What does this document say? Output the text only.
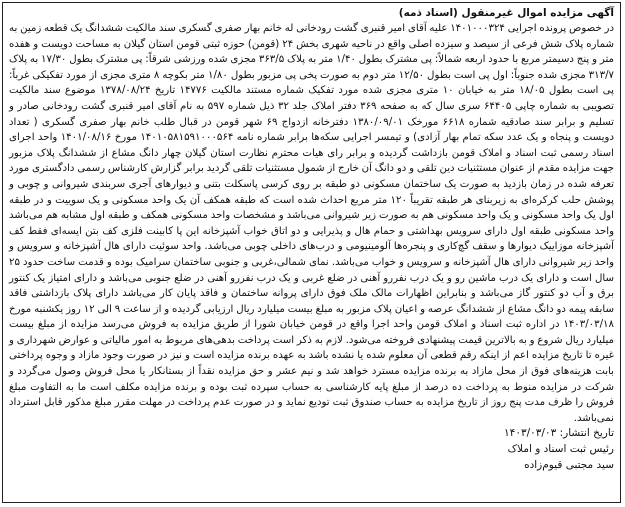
آگهی مزایده اموال غیرمنقول (اسناد ذمه)

در خصوص پرونده اجرایی ۱۴۰۱۰۰۰۳۲۴ علیه آقای امیر قنبری گشت رودخانی له خانم بهار صفری گسکری سند مالکیت ششدانگ یک قطعه زمین به شماره پلاک شش فرعی از سیصد و سیزده اصلی واقع در ناحیه شهری بخش ۲۴ (قومن) حوزه ثبتی قومن استان گیلان به مساحت دویست و هفده متر و پنج دسیمتر مربع با حدود اربعه شمالاً: پی مشترک بطول ۱/۴۰ متر به پلاک ۳۶۳/۵ مجزی شده ورزشی شرقاً: پی مشترک بطول ۱۷/۳۰ به پلاک ۳۱۳/۷ مجزی شده جنوباً: اول پی است بطول ۱۲/۵۰ متر دوم به صورت پخی پی مزبور بطول ۱/۸۰ متر بکوچه ۸ متری مجزی از مورد تفکیکی غرباً: پی است بطول ۱۸/۰۵ متر به خیابان ۱۰ متری مجزی شده مورد تفکیک شماره مستند مالکیت ۱۴۷۷۶ تاریخ ۱۳۷۸/۰۸/۲۴ موضوع سند مالکیت تصویبی به شماره چاپی ۶۴۴۰۵ سری سال که به صفحه ۳۶۹ دفتر املاک جلد ۳۲ ذیل شماره ۵۹۷ به نام آقای امیر قنبری گشت رودخانی صادر و تسلیم و برابر سند صادقیه شماره ۶۶۱۸ مورخک ۱۳۸۰/۰۹/۰۱ دفترخانه ازدواج ۶۹ شهر قومن در قبال طلب خانم بهار صفری گسکری ( تعداد دویست و پنجاه و یک عدد سکه تمام بهار آزادی) و تیمسر اجرایی سکه‌ها برابر شماره نامه ۱۴۰۱۰۵۸۱۵۹۱۰۰۰۵۶۴ مورخ ۱۴۰۱/۰۸/۱۶ واحد اجرای اسناد رسمی ثبت اسناد و املاک قومن بازداشت گردیده و برابر رای هیات محترم نظارت استان گیلان چهار دانگ مشاع از ششدانگ پلاک مزبور جهت مزایده مقدم از عنوان مستثنیات دین تلقی و دو دانگ آن خارج از شمول مستثنیات تلقی گردید برابر گزارش کارشناس رسمی دادگستری مورد تعرفه شده در زمان بازدید به صورت یک ساختمان مسکونی دو طبقه بر روی کرسی پاسکلت بتنی و دیوارهای آجری سربندی شیروانی و چوبی و پوشش حلب کرکره‌ای به زیربنای هر طبقه تقریباً ۱۲۰ متر مربع احداث شده است که طبقه همکف آن یک واحد مسکونی و یک سوییت و در طبقه اول یک واحد مسکونی و یک واحد مسکونی هم به صورت زیر شیروانی می‌باشد و مشخصات واحد مسکونی همکف و طبقه اول مشابه هم می‌باشد واحد مسکونی طبقه اول دارای سرویس بهداشتی و حمام هال و پذیرایی و دو اتاق خواب آشپزخانه این پا کابینت فلزی کف بتن ایسه‌ای فقط کف آشپزخانه موزاییک دیوارها و سقف گچ‌کاری و پنجره‌ها آلومینیومی و درب‌های داخلی چوبی می‌باشد. واحد سوئیت دارای هال آشپزخانه و سرویس و واحد زیر شیروانی دارای هال آشپزخانه و سرویس و خواب می‌باشد. نمای شمالی،غربی و جنوبی ساختمان سرامیک بوده و قدمت ساخت حدود ۲۵ سال است و دارای یک درب ماشین رو و یک درب نفررو آهنی در ضلع غربی و یک درب نفررو آهنی در ضلع جنوبی می‌باشد و دارای امتیاز یک کنتور برق و آب دو کنتور گاز می‌باشد و بنابراین اظهارات مالک ملک فوق دارای پروانه ساختمان و فاقد پایان کار می‌باشد دارای پلاک بازداشتی فاقد سابقه پیمه دو دانگ مشاع از ششدانگ عرصه و اعیان پلاک مزبور به مبلغ بیست میلیارد ریال ارزیابی گردیده و از ساعت ۹ الی ۱۲ روز یکشنبه مورخ ۱۴۰۳/۰۳/۱۸ در اداره ثبت اسناد و املاک قومن واحد اجرا واقع در قومن خیابان شورا از طریق مزایده به فروش می‌رسد مزایده از مبلغ بیست میلیارد ریال شروع و به بالاترین قیمت پیشنهادی فروخته می‌شود. لازم به ذکر است پرداخت بدهی‌های مربوط به امور مالیاتی و عوارض شهرداری و غیره تا تاریخ مزایده اعم از اینکه رقم قطعی آن معلوم شده یا نشده باشد به عهده برنده مزایده است و نیز در صورت وجود مازاد و وجوه پرداختی بابت هزینه‌های فوق از محل مازاد به برنده مزایده مسترد خواهد شد و نیم عشر و حق مزایده نقداً از بستانکار یا محل فروش وصول می‌گردد و شرکت در مزایده منوط به پرداخت ده درصد از مبلغ پایه کارشناسی به حساب سپرده ثبت بوده و برنده مزایده مکلف است ما به التفاوت مبلغ فروش را ظرف مدت پنج روز از تاریخ مزایده به حساب صندوق ثبت تودیع نماید و در صورت عدم پرداخت در مهلت مقرر مبلغ مذکور قابل استرداد نمی‌باشد.

تاریخ انتشار: ۱۴۰۳/۰۳/۰۳
رئیس ثبت اسناد و املاک
سید مجتبی قیوم‌زاده
